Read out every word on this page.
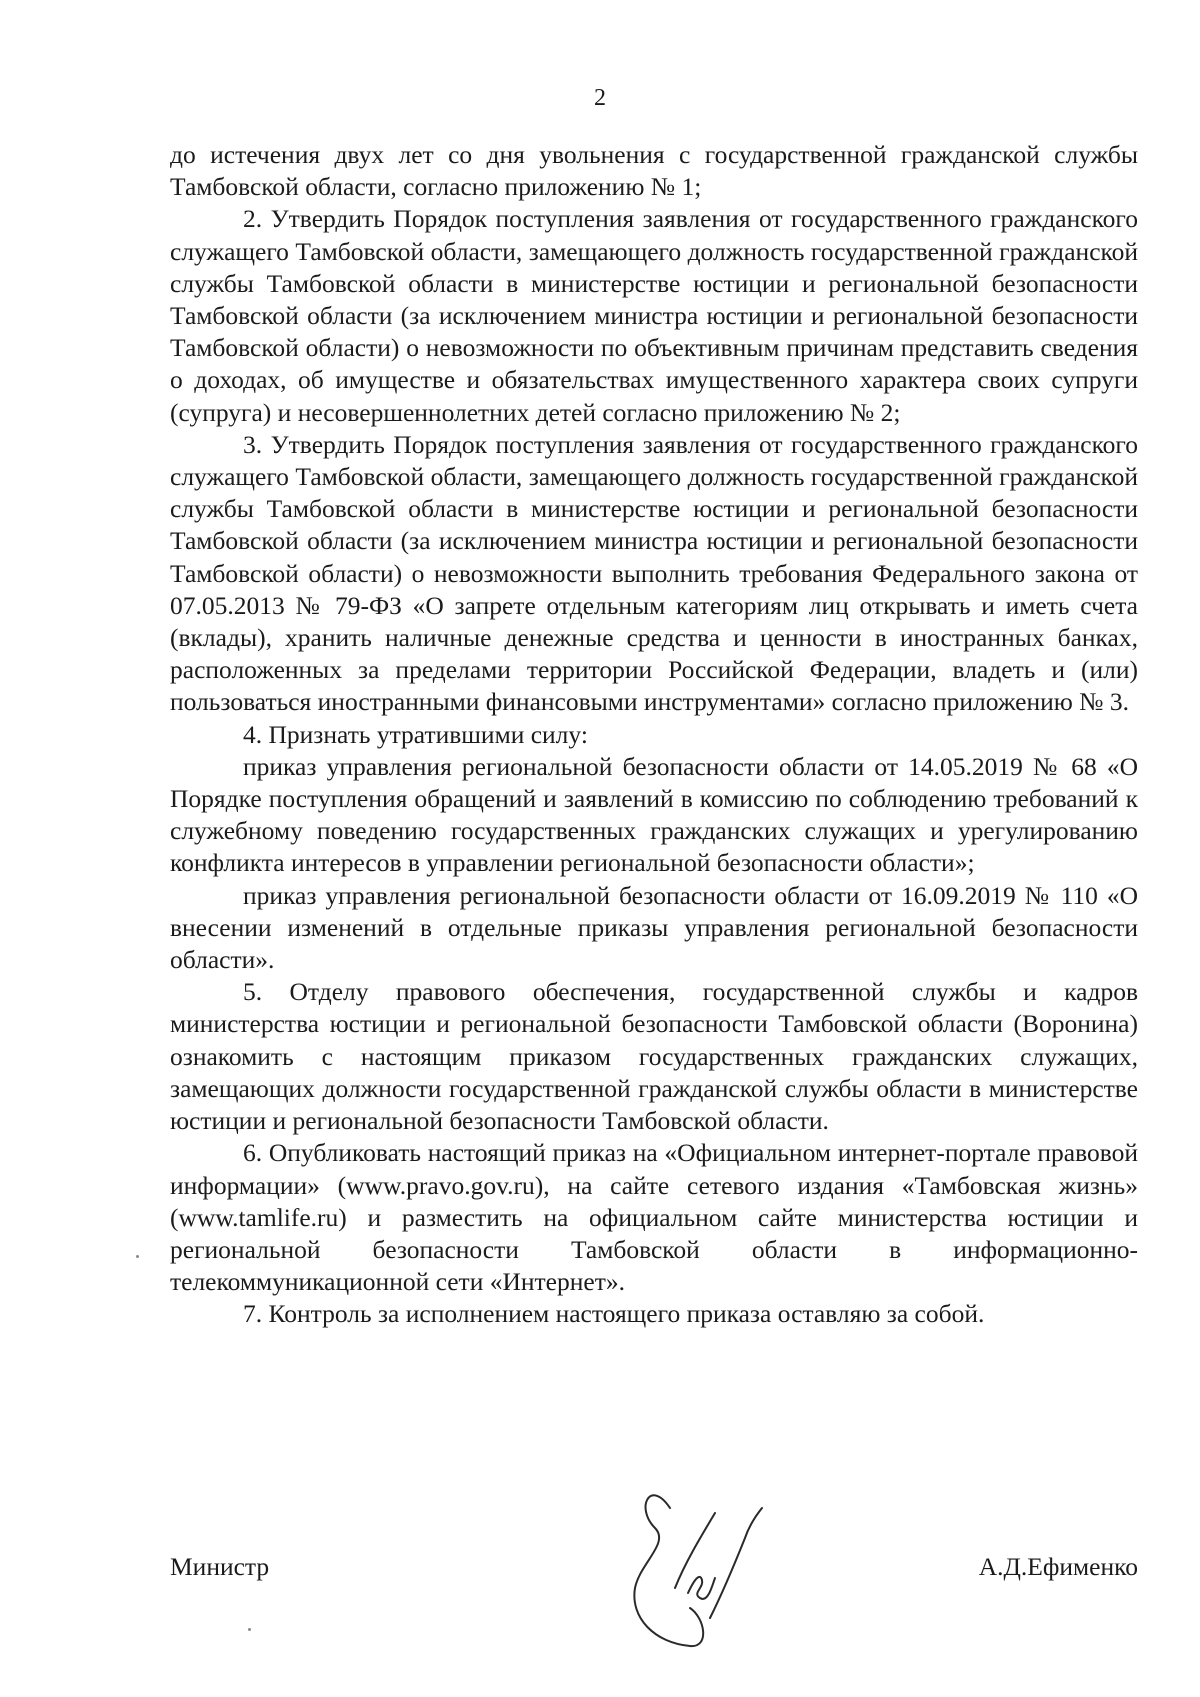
2

до истечения двух лет со дня увольнения с государственной гражданской службы Тамбовской области, согласно приложению № 1;

2. Утвердить Порядок поступления заявления от государственного гражданского служащего Тамбовской области, замещающего должность государственной гражданской службы Тамбовской области в министерстве юстиции и региональной безопасности Тамбовской области (за исключением министра юстиции и региональной безопасности Тамбовской области) о невозможности по объективным причинам представить сведения о доходах, об имуществе и обязательствах имущественного характера своих супруги (супруга) и несовершеннолетних детей согласно приложению № 2;

3. Утвердить Порядок поступления заявления от государственного гражданского служащего Тамбовской области, замещающего должность государственной гражданской службы Тамбовской области в министерстве юстиции и региональной безопасности Тамбовской области (за исключением министра юстиции и региональной безопасности Тамбовской области) о невозможности выполнить требования Федерального закона от 07.05.2013 № 79-ФЗ «О запрете отдельным категориям лиц открывать и иметь счета (вклады), хранить наличные денежные средства и ценности в иностранных банках, расположенных за пределами территории Российской Федерации, владеть и (или) пользоваться иностранными финансовыми инструментами» согласно приложению № 3.

4. Признать утратившими силу:

приказ управления региональной безопасности области от 14.05.2019 № 68 «О Порядке поступления обращений и заявлений в комиссию по соблюдению требований к служебному поведению государственных гражданских служащих и урегулированию конфликта интересов в управлении региональной безопасности области»;

приказ управления региональной безопасности области от 16.09.2019 № 110 «О внесении изменений в отдельные приказы управления региональной безопасности области».

5. Отделу правового обеспечения, государственной службы и кадров министерства юстиции и региональной безопасности Тамбовской области (Воронина) ознакомить с настоящим приказом государственных гражданских служащих, замещающих должности государственной гражданской службы области в министерстве юстиции и региональной безопасности Тамбовской области.

6. Опубликовать настоящий приказ на «Официальном интернет-портале правовой информации» (www.pravo.gov.ru), на сайте сетевого издания «Тамбовская жизнь» (www.tamlife.ru) и разместить на официальном сайте министерства юстиции и региональной безопасности Тамбовской области в информационно- телекоммуникационной сети «Интернет».

7. Контроль за исполнением настоящего приказа оставляю за собой.

Министр	А.Д.Ефименко
